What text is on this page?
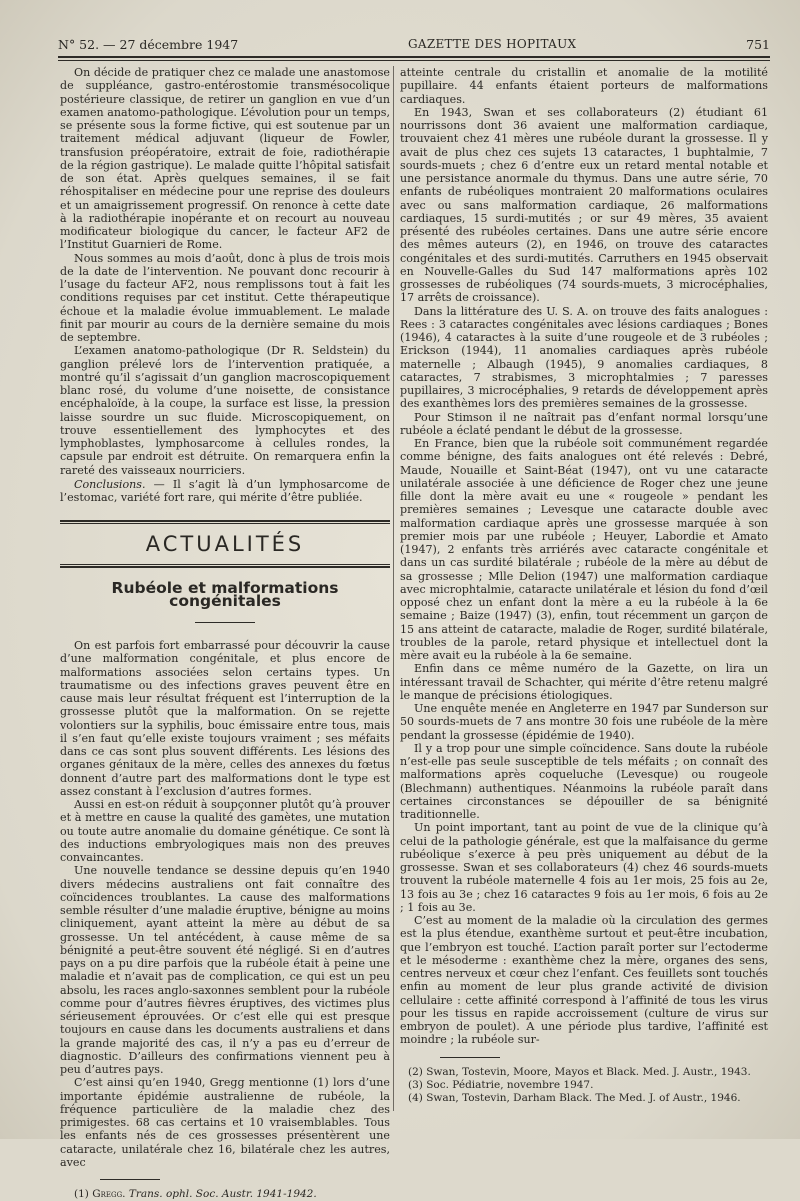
N° 52. — 27 décembre 1947	GAZETTE DES HOPITAUX	751

On décide de pratiquer chez ce malade une anastomose de suppléance, gastro-entérostomie transmésocolique postérieure classique, de retirer un ganglion en vue d’un examen anatomo-pathologique. L’évolution pour un temps, se présente sous la forme fictive, qui est soutenue par un traitement médical adjuvant (liqueur de Fowler, transfusion préopératoire, extrait de foie, radiothérapie de la région gastrique). Le malade quitte l’hôpital satisfait de son état. Après quelques semaines, il se fait réhospitaliser en médecine pour une reprise des douleurs et un amaigrissement progressif. On renonce à cette date à la radiothérapie inopérante et on recourt au nouveau modificateur biologique du cancer, le facteur AF2 de l’Institut Guarnieri de Rome.

Nous sommes au mois d’août, donc à plus de trois mois de la date de l’intervention. Ne pouvant donc recourir à l’usage du facteur AF2, nous remplissons tout à fait les conditions requises par cet institut. Cette thérapeutique échoue et la maladie évolue immuablement. Le malade finit par mourir au cours de la dernière semaine du mois de septembre.

L’examen anatomo-pathologique (Dr R. Seldstein) du ganglion prélevé lors de l’intervention pratiquée, a montré qu’il s’agissait d’un ganglion macroscopiquement blanc rosé, du volume d’une noisette, de consistance encéphaloïde, à la coupe, la surface est lisse, la pression laisse sourdre un suc fluide. Microscopiquement, on trouve essentiellement des lymphocytes et des lymphoblastes, lymphosarcome à cellules rondes, la capsule par endroit est détruite. On remarquera enfin la rareté des vaisseaux nourriciers.

Conclusions. — Il s’agit là d’un lymphosarcome de l’estomac, variété fort rare, qui mérite d’être publiée.

ACTUALITÉS
Rubéole et malformations congénitales

On est parfois fort embarrassé pour découvrir la cause d’une malformation congénitale, et plus encore de malformations associées selon certains types. Un traumatisme ou des infections graves peuvent être en cause mais leur résultat fréquent est l’interruption de la grossesse plutôt que la malformation. On se rejette volontiers sur la syphilis, bouc émissaire entre tous, mais il s’en faut qu’elle existe toujours vraiment ; ses méfaits dans ce cas sont plus souvent différents. Les lésions des organes génitaux de la mère, celles des annexes du fœtus donnent d’autre part des malformations dont le type est assez constant à l’exclusion d’autres formes.

Aussi en est-on réduit à soupçonner plutôt qu’à prouver et à mettre en cause la qualité des gamètes, une mutation ou toute autre anomalie du domaine génétique. Ce sont là des inductions embryologiques mais non des preuves convaincantes.

Une nouvelle tendance se dessine depuis qu’en 1940 divers médecins australiens ont fait connaître des coïncidences troublantes. La cause des malformations semble résulter d’une maladie éruptive, bénigne au moins cliniquement, ayant atteint la mère au début de sa grossesse. Un tel antécédent, à cause même de sa bénignité a peut-être souvent été négligé. Si en d’autres pays on a pu dire parfois que la rubéole était à peine une maladie et n’avait pas de complication, ce qui est un peu absolu, les races anglo-saxonnes semblent pour la rubéole comme pour d’autres fièvres éruptives, des victimes plus sérieusement éprouvées. Or c’est elle qui est presque toujours en cause dans les documents australiens et dans la grande majorité des cas, il n’y a pas eu d’erreur de diagnostic. D’ailleurs des confirmations viennent peu à peu d’autres pays.

C’est ainsi qu’en 1940, Gregg mentionne (1) lors d’une importante épidémie australienne de rubéole, la fréquence particulière de la maladie chez des primigestes. 68 cas certains et 10 vraisemblables. Tous les enfants nés de ces grossesses présentèrent une cataracte, unilatérale chez 16, bilatérale chez les autres, avec

(1) Gregg. Trans. ophl. Soc. Austr. 1941-1942.

atteinte centrale du cristallin et anomalie de la motilité pupillaire. 44 enfants étaient porteurs de malformations cardiaques.

En 1943, Swan et ses collaborateurs (2) étudiant 61 nourrissons dont 36 avaient une malformation cardiaque, trouvaient chez 41 mères une rubéole durant la grossesse. Il y avait de plus chez ces sujets 13 cataractes, 1 buphtalmie, 7 sourds-muets ; chez 6 d’entre eux un retard mental notable et une persistance anormale du thymus. Dans une autre série, 70 enfants de rubéoliques montraient 20 malformations oculaires avec ou sans malformation cardiaque, 26 malformations cardiaques, 15 surdi-mutités ; or sur 49 mères, 35 avaient présenté des rubéoles certaines. Dans une autre série encore des mêmes auteurs (2), en 1946, on trouve des cataractes congénitales et des surdi-mutités. Carruthers en 1945 observait en Nouvelle-Galles du Sud 147 malformations après 102 grossesses de rubéoliques (74 sourds-muets, 3 microcéphalies, 17 arrêts de croissance).

Dans la littérature des U. S. A. on trouve des faits analogues : Rees : 3 cataractes congénitales avec lésions cardiaques ; Bones (1946), 4 cataractes à la suite d’une rougeole et de 3 rubéoles ; Erickson (1944), 11 anomalies cardiaques après rubéole maternelle ; Albaugh (1945), 9 anomalies cardiaques, 8 cataractes, 7 strabismes, 3 microphtalmies ; 7 paresses pupillaires, 3 microcéphalies, 9 retards de développement après des exanthèmes lors des premières semaines de la grossesse.

Pour Stimson il ne naîtrait pas d’enfant normal lorsqu’une rubéole a éclaté pendant le début de la grossesse.

En France, bien que la rubéole soit communément regardée comme bénigne, des faits analogues ont été relevés : Debré, Maude, Nouaille et Saint-Béat (1947), ont vu une cataracte unilatérale associée à une déficience de Roger chez une jeune fille dont la mère avait eu une « rougeole » pendant les premières semaines ; Levesque une cataracte double avec malformation cardiaque après une grossesse marquée à son premier mois par une rubéole ; Heuyer, Labordie et Amato (1947), 2 enfants très arriérés avec cataracte congénitale et dans un cas surdité bilatérale ; rubéole de la mère au début de sa grossesse ; Mlle Delion (1947) une malformation cardiaque avec microphtalmie, cataracte unilatérale et lésion du fond d’œil opposé chez un enfant dont la mère a eu la rubéole à la 6e semaine ; Baize (1947) (3), enfin, tout récemment un garçon de 15 ans atteint de cataracte, maladie de Roger, surdité bilatérale, troubles de la parole, retard physique et intellectuel dont la mère avait eu la rubéole à la 6e semaine.

Enfin dans ce même numéro de la Gazette, on lira un intéressant travail de Schachter, qui mérite d’être retenu malgré le manque de précisions étiologiques.

Une enquête menée en Angleterre en 1947 par Sunderson sur 50 sourds-muets de 7 ans montre 30 fois une rubéole de la mère pendant la grossesse (épidémie de 1940).

Il y a trop pour une simple coïncidence. Sans doute la rubéole n’est-elle pas seule susceptible de tels méfaits ; on connaît des malformations après coqueluche (Levesque) ou rougeole (Blechmann) authentiques. Néanmoins la rubéole paraît dans certaines circonstances se dépouiller de sa bénignité traditionnelle.

Un point important, tant au point de vue de la clinique qu’à celui de la pathologie générale, est que la malfaisance du germe rubéolique s’exerce à peu près uniquement au début de la grossesse. Swan et ses collaborateurs (4) chez 46 sourds-muets trouvent la rubéole maternelle 4 fois au 1er mois, 25 fois au 2e, 13 fois au 3e ; chez 16 cataractes 9 fois au 1er mois, 6 fois au 2e ; 1 fois au 3e.

C’est au moment de la maladie où la circulation des germes est la plus étendue, exanthème surtout et peut-être incubation, que l’embryon est touché. L’action paraît porter sur l’ectoderme et le mésoderme : exanthème chez la mère, organes des sens, centres nerveux et cœur chez l’enfant. Ces feuillets sont touchés enfin au moment de leur plus grande activité de division cellulaire : cette affinité correspond à l’affinité de tous les virus pour les tissus en rapide accroissement (culture de virus sur embryon de poulet). A une période plus tardive, l’affinité est moindre ; la rubéole sur-

(2) Swan, Tostevin, Moore, Mayos et Black. Med. J. Austr., 1943.

(3) Soc. Pédiatrie, novembre 1947.

(4) Swan, Tostevin, Darham Black. The Med. J. of Austr., 1946.
